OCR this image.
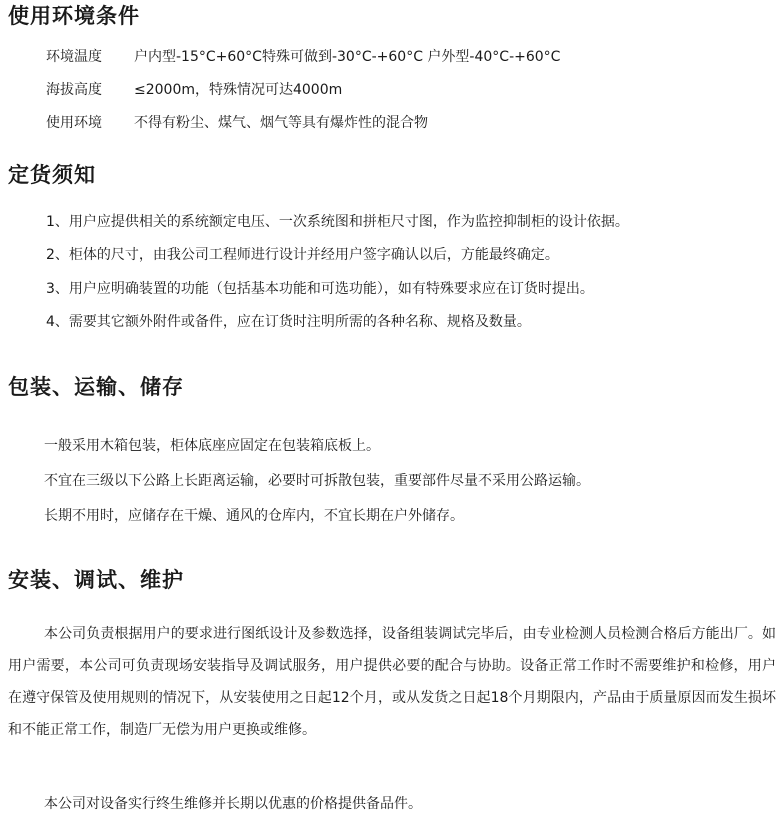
使用环境条件
环境温度 户内型-15°C+60°C特殊可做到-30°C-+60°C 户外型-40°C-+60°C
海拔高度 ≤2000m，特殊情况可达4000m
使用环境 不得有粉尘、煤气、烟气等具有爆炸性的混合物
定货须知
1、用户应提供相关的系统额定电压、一次系统图和拼柜尺寸图，作为监控抑制柜的设计依据。
2、柜体的尺寸，由我公司工程师进行设计并经用户签字确认以后，方能最终确定。
3、用户应明确装置的功能（包括基本功能和可选功能），如有特殊要求应在订货时提出。
4、需要其它额外附件或备件，应在订货时注明所需的各种名称、规格及数量。
包装、运输、储存
一般采用木箱包装，柜体底座应固定在包装箱底板上。
不宜在三级以下公路上长距离运输，必要时可拆散包装，重要部件尽量不采用公路运输。
长期不用时，应储存在干燥、通风的仓库内，不宜长期在户外储存。
安装、调试、维护

本公司负责根据用户的要求进行图纸设计及参数选择，设备组装调试完毕后，由专业检测人员检测合格后方能出厂。如用户需要，本公司可负责现场安装指导及调试服务，用户提供必要的配合与协助。设备正常工作时不需要维护和检修，用户在遵守保管及使用规则的情况下，从安装使用之日起12个月，或从发货之日起18个月期限内，产品由于质量原因而发生损坏和不能正常工作，制造厂无偿为用户更换或维修。

本公司对设备实行终生维修并长期以优惠的价格提供备品件。
